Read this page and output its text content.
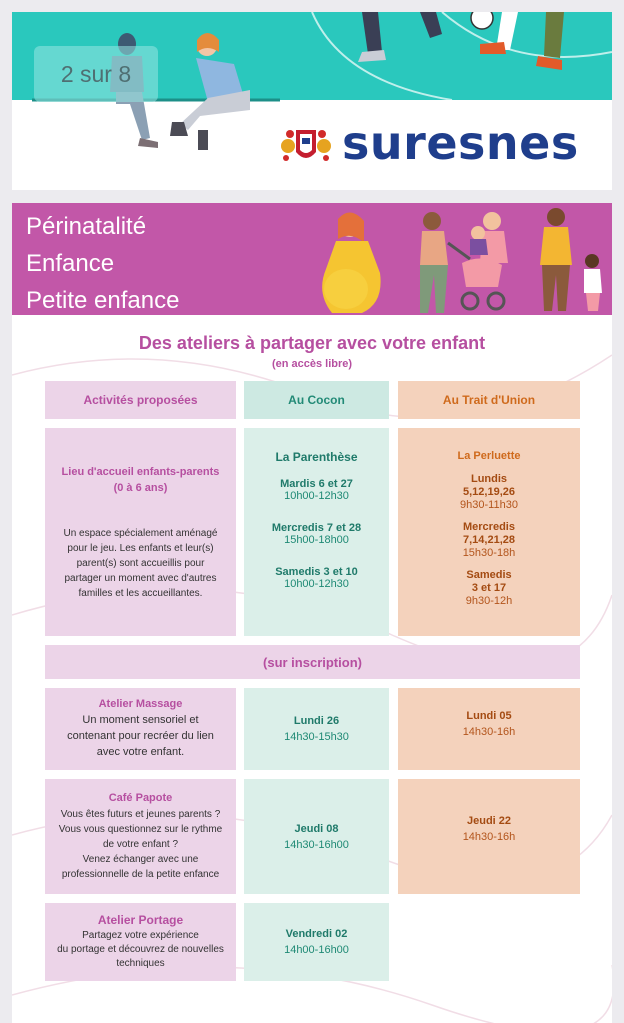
2 sur 8
suresnes
Périnatalité
Enfance
Petite enfance
Des ateliers à partager avec votre enfant
(en accès libre)
Activités proposées	Au Cocon	Au Trait d'Union
Lieu d'accueil enfants-parents
(0 à 6 ans)
Un espace spécialement aménagé
pour le jeu. Les enfants et leur(s)
parent(s) sont accueillis pour
partager un moment avec d'autres
familles et les accueillantes.
La Parenthèse
Mardis 6 et 27
10h00-12h30
Mercredis 7 et 28
15h00-18h00
Samedis 3 et 10
10h00-12h30
La Perluette
Lundis
5,12,19,26
9h30-11h30
Mercredis
7,14,21,28
15h30-18h
Samedis
3 et 17
9h30-12h
(sur inscription)
Atelier Massage
Un moment sensoriel et
contenant pour recréer du lien
avec votre enfant.
Lundi 26
14h30-15h30
Lundi 05
14h30-16h
Café Papote
Vous êtes futurs et jeunes parents ?
Vous vous questionnez sur le rythme
de votre enfant ?
Venez échanger avec une
professionnelle de la petite enfance
Jeudi 08
14h30-16h00
Jeudi 22
14h30-16h
Atelier Portage
Partagez votre expérience
du portage et découvrez de nouvelles
techniques
Vendredi 02
14h00-16h00
